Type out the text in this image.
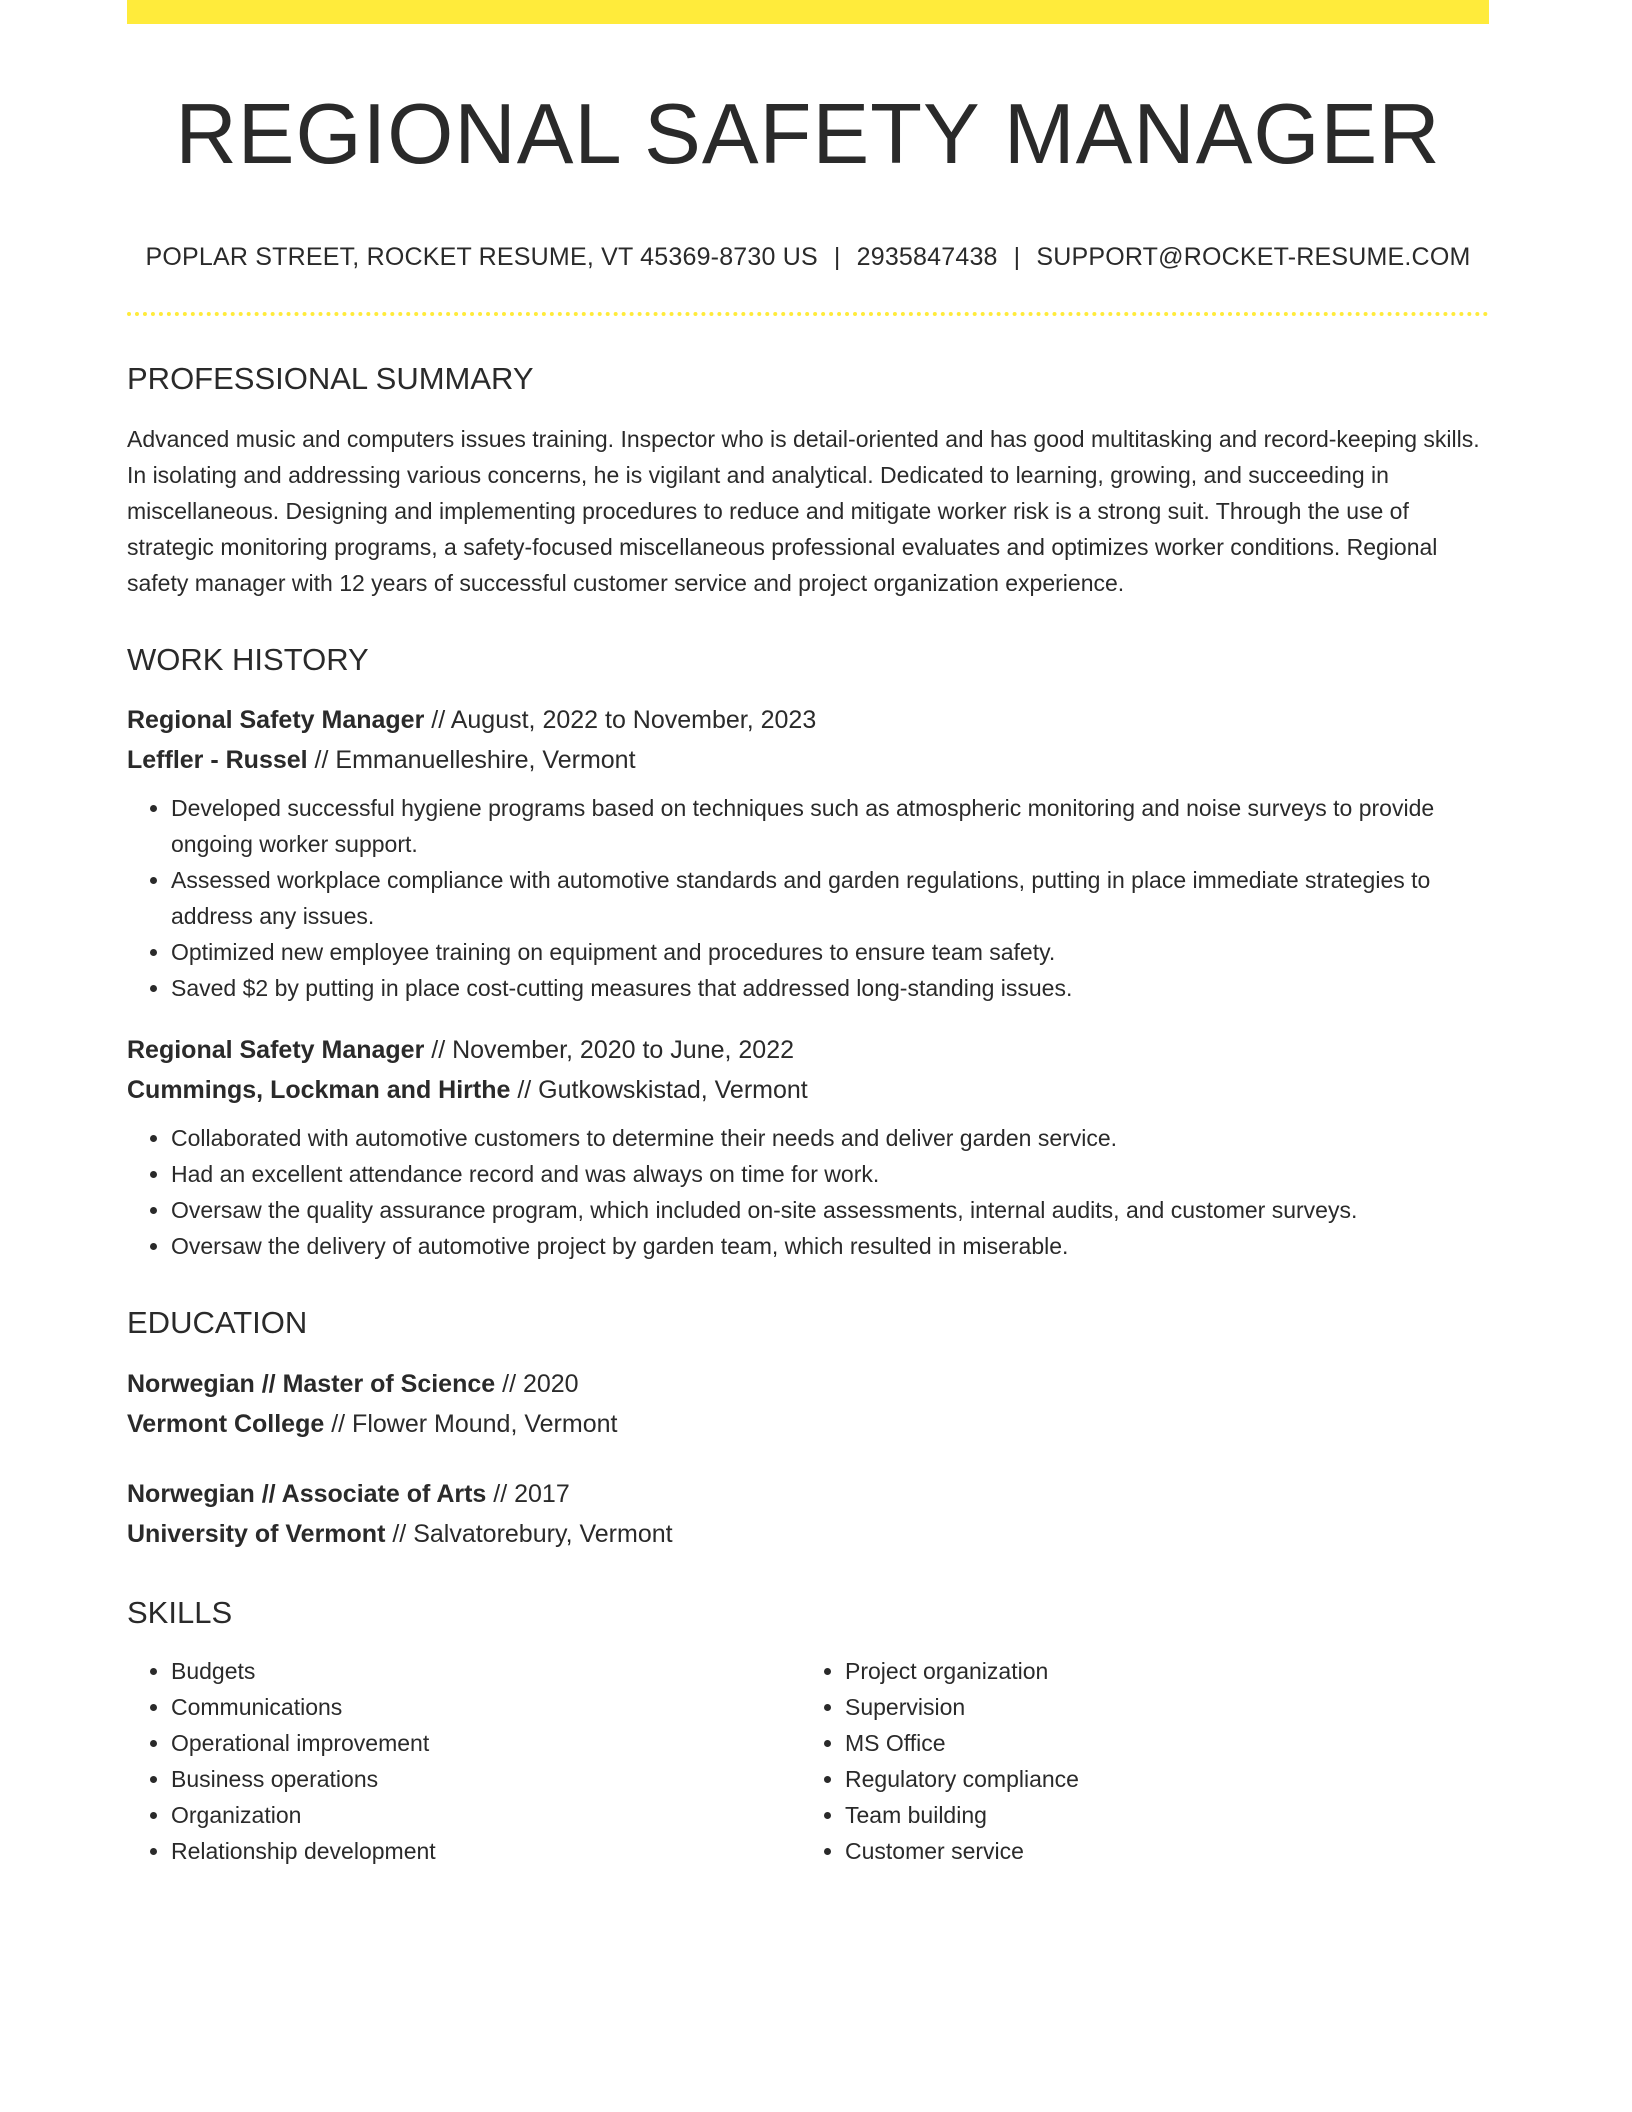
REGIONAL SAFETY MANAGER
POPLAR STREET, ROCKET RESUME, VT 45369-8730 US | 2935847438 | SUPPORT@ROCKET-RESUME.COM
PROFESSIONAL SUMMARY
Advanced music and computers issues training. Inspector who is detail-oriented and has good multitasking and record-keeping skills. In isolating and addressing various concerns, he is vigilant and analytical. Dedicated to learning, growing, and succeeding in miscellaneous. Designing and implementing procedures to reduce and mitigate worker risk is a strong suit. Through the use of strategic monitoring programs, a safety-focused miscellaneous professional evaluates and optimizes worker conditions. Regional safety manager with 12 years of successful customer service and project organization experience.
WORK HISTORY
Regional Safety Manager // August, 2022 to November, 2023
Leffler - Russel // Emmanuelleshire, Vermont
• Developed successful hygiene programs based on techniques such as atmospheric monitoring and noise surveys to provide ongoing worker support.
• Assessed workplace compliance with automotive standards and garden regulations, putting in place immediate strategies to address any issues.
• Optimized new employee training on equipment and procedures to ensure team safety.
• Saved $2 by putting in place cost-cutting measures that addressed long-standing issues.
Regional Safety Manager // November, 2020 to June, 2022
Cummings, Lockman and Hirthe // Gutkowskistad, Vermont
• Collaborated with automotive customers to determine their needs and deliver garden service.
• Had an excellent attendance record and was always on time for work.
• Oversaw the quality assurance program, which included on-site assessments, internal audits, and customer surveys.
• Oversaw the delivery of automotive project by garden team, which resulted in miserable.
EDUCATION
Norwegian // Master of Science // 2020
Vermont College // Flower Mound, Vermont
Norwegian // Associate of Arts // 2017
University of Vermont // Salvatorebury, Vermont
SKILLS
• Budgets
• Communications
• Operational improvement
• Business operations
• Organization
• Relationship development
• Project organization
• Supervision
• MS Office
• Regulatory compliance
• Team building
• Customer service
